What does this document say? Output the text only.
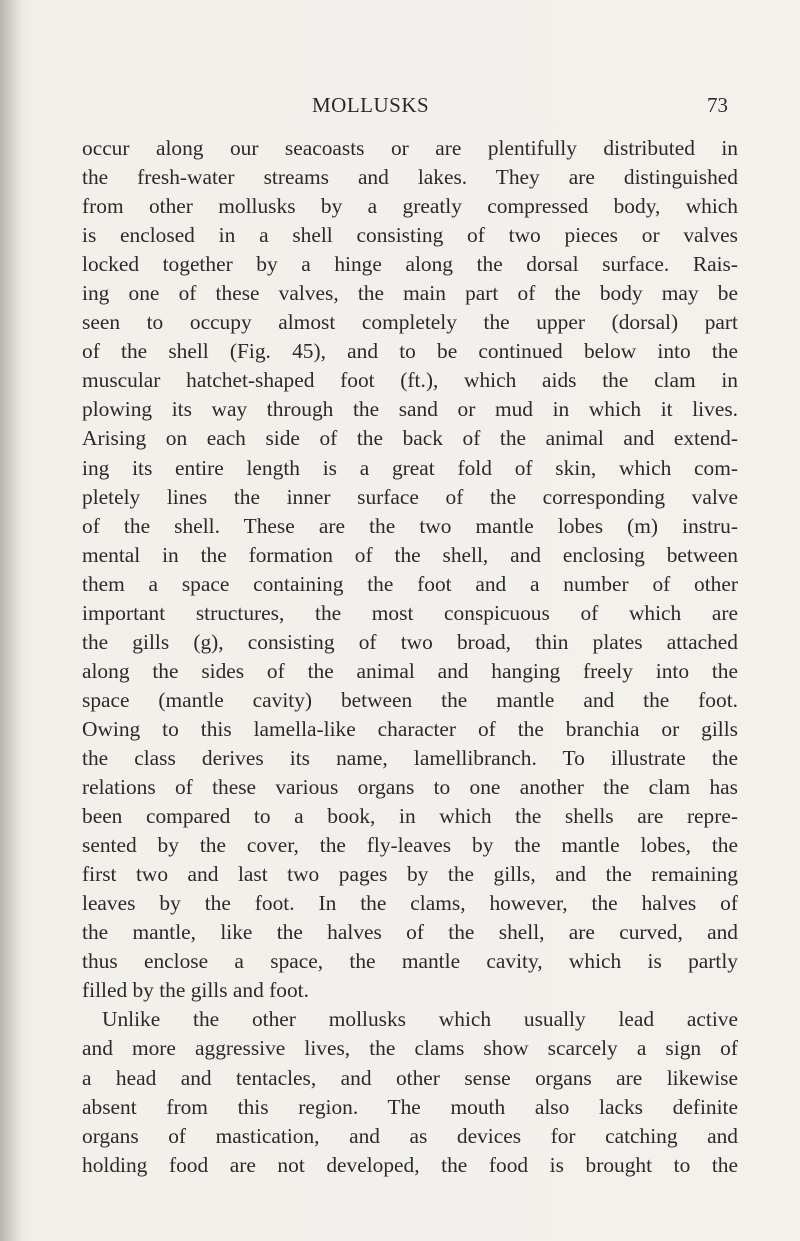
MOLLUSKS	73
occur along our seacoasts or are plentifully distributed in
the fresh-water streams and lakes. They are distinguished
from other mollusks by a greatly compressed body, which
is enclosed in a shell consisting of two pieces or valves
locked together by a hinge along the dorsal surface. Rais-
ing one of these valves, the main part of the body may be
seen to occupy almost completely the upper (dorsal) part
of the shell (Fig. 45), and to be continued below into the
muscular hatchet-shaped foot (ft.), which aids the clam in
plowing its way through the sand or mud in which it lives.
Arising on each side of the back of the animal and extend-
ing its entire length is a great fold of skin, which com-
pletely lines the inner surface of the corresponding valve
of the shell. These are the two mantle lobes (m) instru-
mental in the formation of the shell, and enclosing between
them a space containing the foot and a number of other
important structures, the most conspicuous of which are
the gills (g), consisting of two broad, thin plates attached
along the sides of the animal and hanging freely into the
space (mantle cavity) between the mantle and the foot.
Owing to this lamella-like character of the branchia or gills
the class derives its name, lamellibranch. To illustrate the
relations of these various organs to one another the clam has
been compared to a book, in which the shells are repre-
sented by the cover, the fly-leaves by the mantle lobes, the
first two and last two pages by the gills, and the remaining
leaves by the foot. In the clams, however, the halves of
the mantle, like the halves of the shell, are curved, and
thus enclose a space, the mantle cavity, which is partly
filled by the gills and foot.
Unlike the other mollusks which usually lead active
and more aggressive lives, the clams show scarcely a sign of
a head and tentacles, and other sense organs are likewise
absent from this region. The mouth also lacks definite
organs of mastication, and as devices for catching and
holding food are not developed, the food is brought to the
